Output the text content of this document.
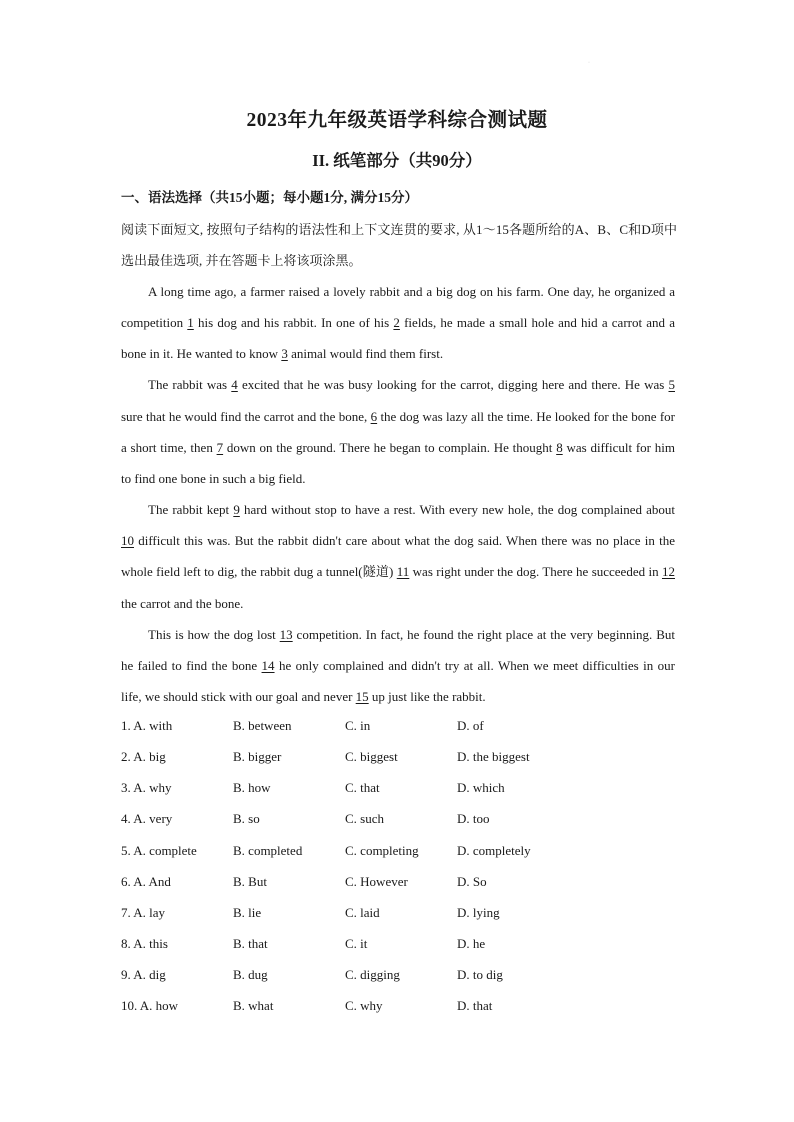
·
2023年九年级英语学科综合测试题
II. 纸笔部分（共90分）
一、语法选择（共15小题；每小题1分, 满分15分）
阅读下面短文, 按照句子结构的语法性和上下文连贯的要求, 从1～15各题所给的A、B、C和D项中选出最佳选项, 并在答题卡上将该项涂黑。

A long time ago, a farmer raised a lovely rabbit and a big dog on his farm. One day, he organized a competition 1 his dog and his rabbit. In one of his 2 fields, he made a small hole and hid a carrot and a bone in it. He wanted to know 3 animal would find them first.

The rabbit was 4 excited that he was busy looking for the carrot, digging here and there. He was 5 sure that he would find the carrot and the bone, 6 the dog was lazy all the time. He looked for the bone for a short time, then 7 down on the ground. There he began to complain. He thought 8 was difficult for him to find one bone in such a big field.

The rabbit kept 9 hard without stop to have a rest. With every new hole, the dog complained about 10 difficult this was. But the rabbit didn't care about what the dog said. When there was no place in the whole field left to dig, the rabbit dug a tunnel(隧道) 11 was right under the dog. There he succeeded in 12 the carrot and the bone.

This is how the dog lost 13 competition. In fact, he found the right place at the very beginning. But he failed to find the bone 14 he only complained and didn't try at all. When we meet difficulties in our life, we should stick with our goal and never 15 up just like the rabbit.

1. A. with	B. between	C. in	D. of
2. A. big	B. bigger	C. biggest	D. the biggest
3. A. why	B. how	C. that	D. which
4. A. very	B. so	C. such	D. too
5. A. complete	B. completed	C. completing	D. completely
6. A. And	B. But	C. However	D. So
7. A. lay	B. lie	C. laid	D. lying
8. A. this	B. that	C. it	D. he
9. A. dig	B. dug	C. digging	D. to dig
10. A. how	B. what	C. why	D. that
